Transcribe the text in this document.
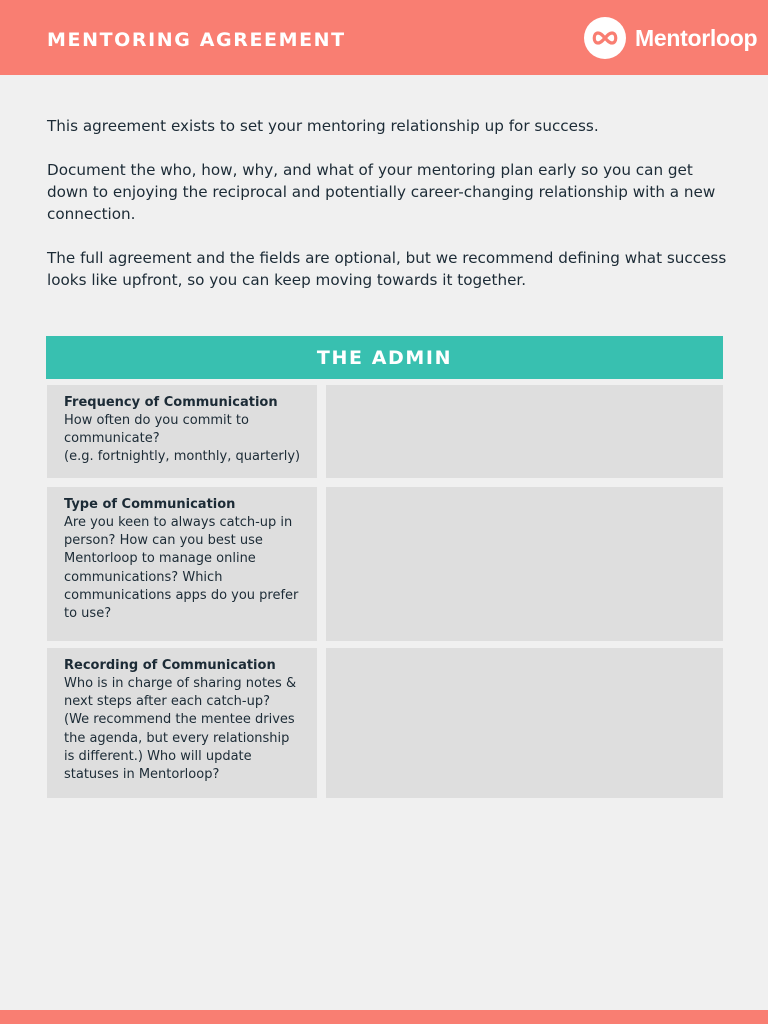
MENTORING AGREEMENT	Mentorloop

This agreement exists to set your mentoring relationship up for success.

Document the who, how, why, and what of your mentoring plan early so you can get down to enjoying the reciprocal and potentially career-changing relationship with a new connection.

The full agreement and the fields are optional, but we recommend defining what success looks like upfront, so you can keep moving towards it together.

THE ADMIN
Frequency of Communication
How often do you commit to
communicate?
(e.g. fortnightly, monthly, quarterly)
Type of Communication
Are you keen to always catch-up in
person? How can you best use
Mentorloop to manage online
communications? Which
communications apps do you prefer
to use?
Recording of Communication
Who is in charge of sharing notes &
next steps after each catch-up?
(We recommend the mentee drives
the agenda, but every relationship
is different.) Who will update
statuses in Mentorloop?
